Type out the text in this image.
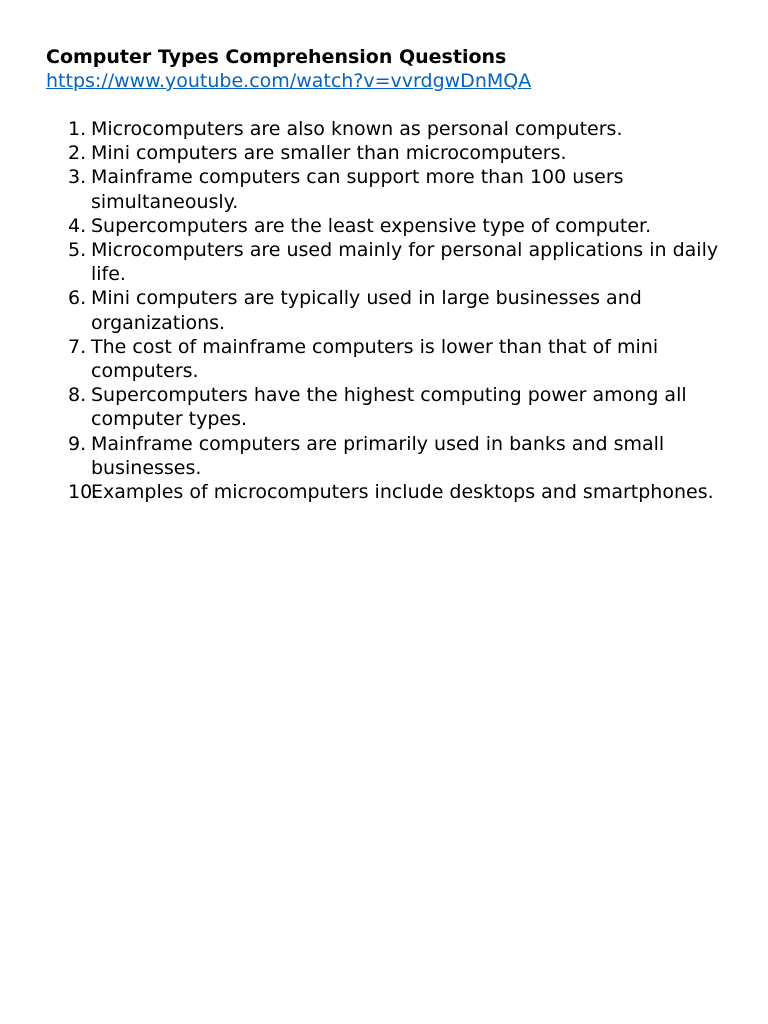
Computer Types Comprehension Questions
https://www.youtube.com/watch?v=vvrdgwDnMQA
1. Microcomputers are also known as personal computers.
2. Mini computers are smaller than microcomputers.
3. Mainframe computers can support more than 100 users simultaneously.
4. Supercomputers are the least expensive type of computer.
5. Microcomputers are used mainly for personal applications in daily life.
6. Mini computers are typically used in large businesses and organizations.
7. The cost of mainframe computers is lower than that of mini computers.
8. Supercomputers have the highest computing power among all computer types.
9. Mainframe computers are primarily used in banks and small businesses.
10.
Examples of microcomputers include desktops and smartphones.
